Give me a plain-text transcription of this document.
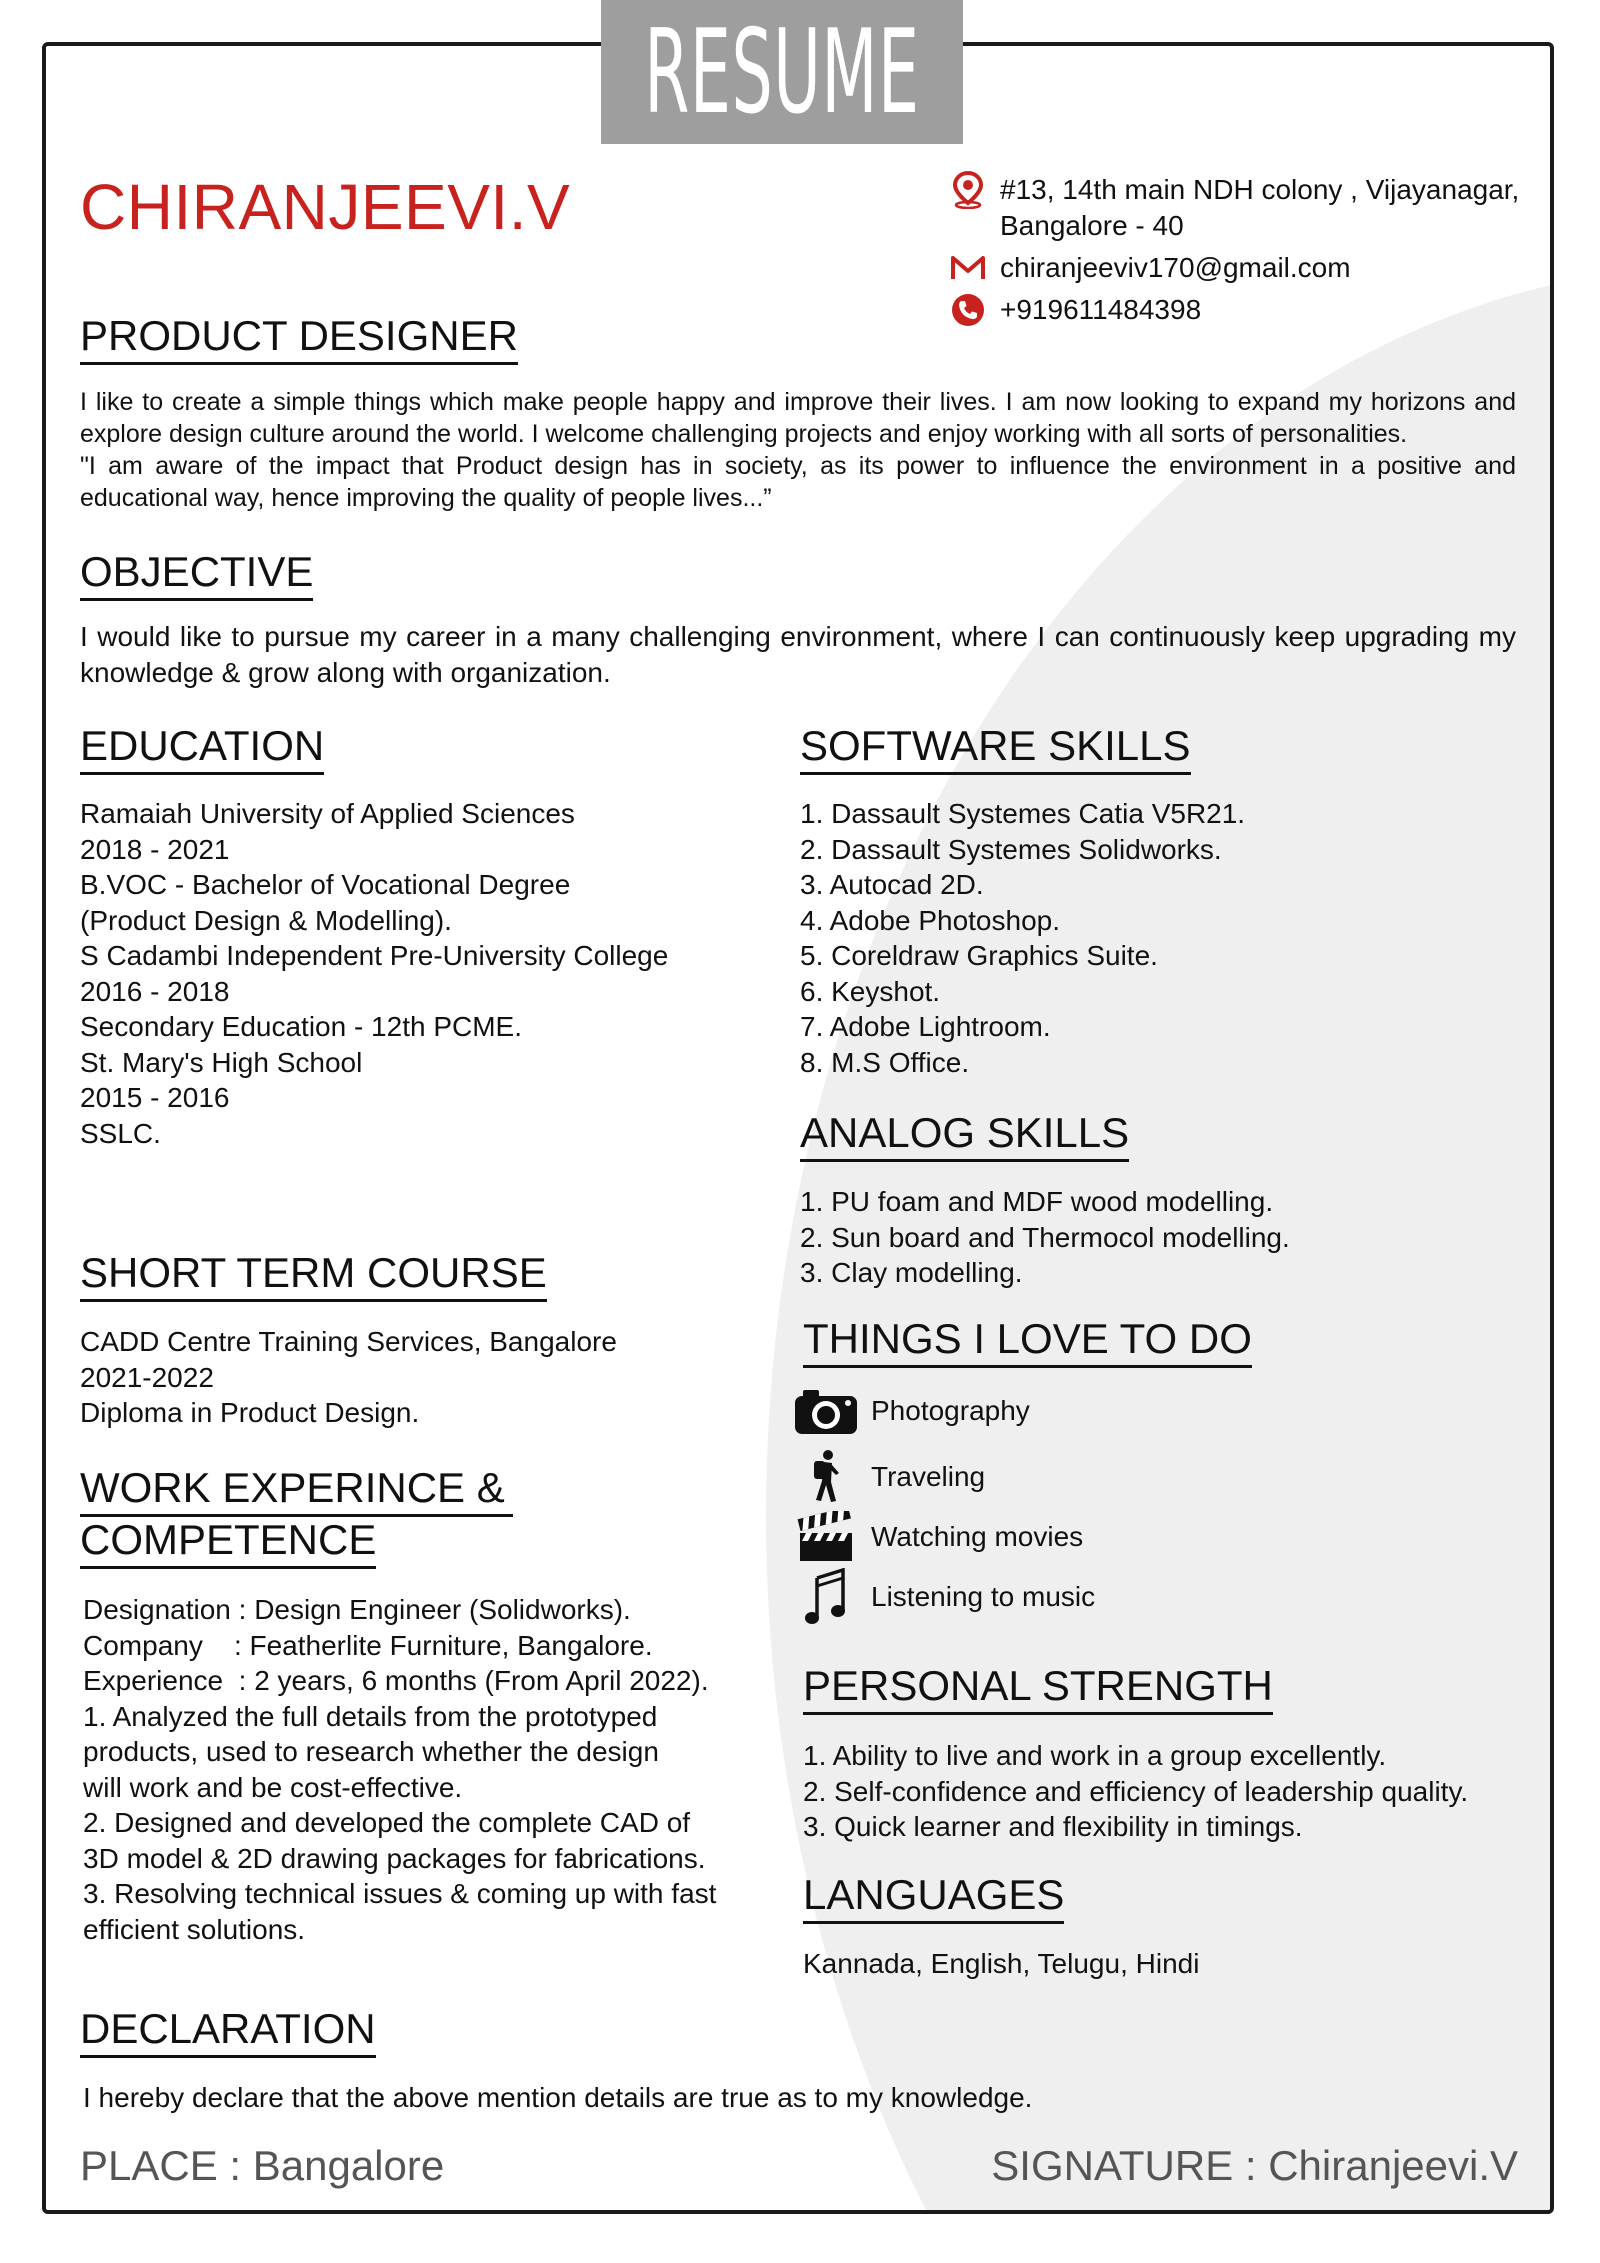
RESUME
CHIRANJEEVI.V	#13, 14th main NDH colony , Vijayanagar, Bangalore - 40
chiranjeeviv170@gmail.com
+919611484398
PRODUCT DESIGNER
I like to create a simple things which make people happy and improve their lives. I am now looking to expand my horizons and explore design culture around the world. I welcome challenging projects and enjoy working with all sorts of personalities.
"I am aware of the impact that Product design has in society, as its power to influence the environment in a positive and educational way, hence improving the quality of people lives...”
OBJECTIVE
I would like to pursue my career in a many challenging environment, where I can continuously keep upgrading my knowledge & grow along with organization.
EDUCATION
Ramaiah University of Applied Sciences
2018 - 2021
B.VOC - Bachelor of Vocational Degree
(Product Design & Modelling).
S Cadambi Independent Pre-University College
2016 - 2018
Secondary Education - 12th PCME.
St. Mary's High School
2015 - 2016
SSLC.
SHORT TERM COURSE
CADD Centre Training Services, Bangalore
2021-2022
Diploma in Product Design.
WORK EXPERINCE &
COMPETENCE
Designation : Design Engineer (Solidworks).
Company    : Featherlite Furniture, Bangalore.
Experience  : 2 years, 6 months (From April 2022).
1. Analyzed the full details from the prototyped
products, used to research whether the design
will work and be cost-effective.
2. Designed and developed the complete CAD of
3D model & 2D drawing packages for fabrications.
3. Resolving technical issues & coming up with fast
efficient solutions.
SOFTWARE SKILLS
1. Dassault Systemes Catia V5R21.
2. Dassault Systemes Solidworks.
3. Autocad 2D.
4. Adobe Photoshop.
5. Coreldraw Graphics Suite.
6. Keyshot.
7. Adobe Lightroom.
8. M.S Office.
ANALOG SKILLS
1. PU foam and MDF wood modelling.
2. Sun board and Thermocol modelling.
3. Clay modelling.
THINGS I LOVE TO DO
Photography
Traveling
Watching movies
Listening to music
PERSONAL STRENGTH
1. Ability to live and work in a group excellently.
2. Self-confidence and efficiency of leadership quality.
3. Quick learner and flexibility in timings.
LANGUAGES
Kannada, English, Telugu, Hindi
DECLARATION
I hereby declare that the above mention details are true as to my knowledge.
PLACE : Bangalore	SIGNATURE : Chiranjeevi.V
